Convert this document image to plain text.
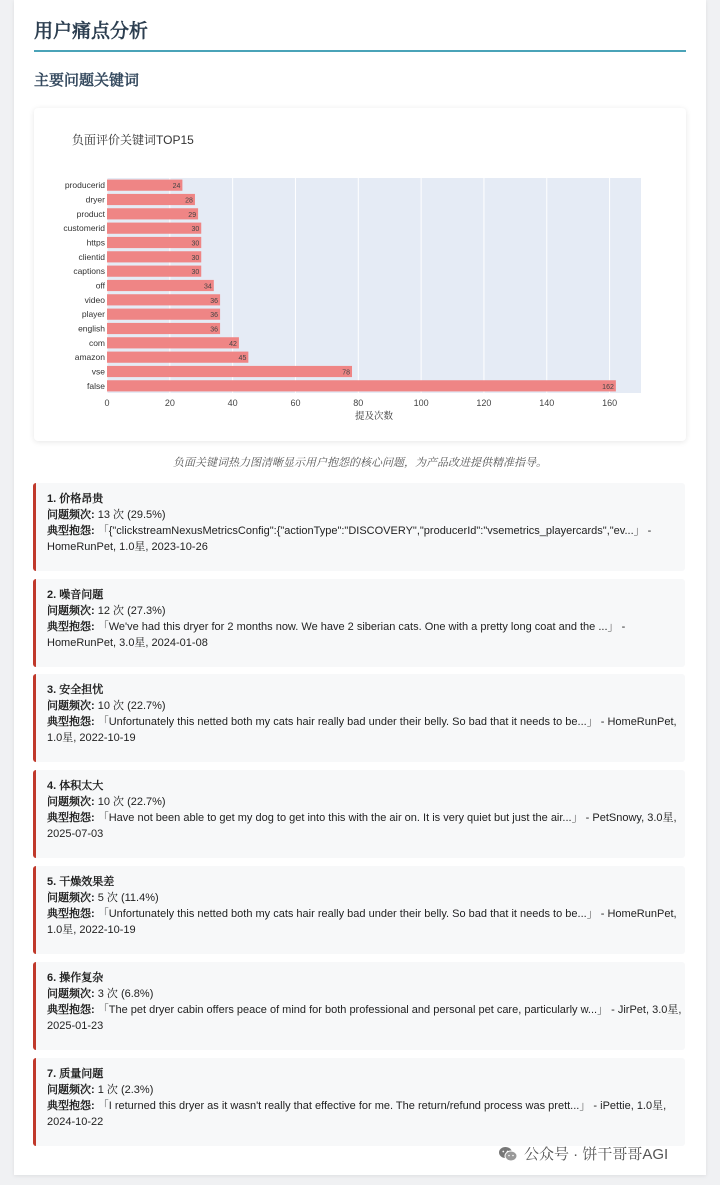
用户痛点分析
主要问题关键词
负面评价关键词TOP15
0	20	40	60	80	100	120	140	160
producerid	24
dryer	28
product	29
customerid	30
https	30
clientid	30
captions	30
off	34
video	36
player	36
english	36
com	42
amazon	45
vse	78
false	162
提及次数
负面关键词热力图清晰显示用户抱怨的核心问题，为产品改进提供精准指导。
1. 价格昂贵
问题频次: 13 次 (29.5%)
典型抱怨: 「{"clickstreamNexusMetricsConfig":{"actionType":"DISCOVERY","producerId":"vsemetrics_playercards","ev...」 -
HomeRunPet, 1.0星, 2023-10-26
2. 噪音问题
问题频次: 12 次 (27.3%)
典型抱怨: 「We've had this dryer for 2 months now. We have 2 siberian cats. One with a pretty long coat and the ...」 -
HomeRunPet, 3.0星, 2024-01-08
3. 安全担忧
问题频次: 10 次 (22.7%)
典型抱怨: 「Unfortunately this netted both my cats hair really bad under their belly. So bad that it needs to be...」 - HomeRunPet,
1.0星, 2022-10-19
4. 体积太大
问题频次: 10 次 (22.7%)
典型抱怨: 「Have not been able to get my dog to get into this with the air on. It is very quiet but just the air...」 - PetSnowy, 3.0星,
2025-07-03
5. 干燥效果差
问题频次: 5 次 (11.4%)
典型抱怨: 「Unfortunately this netted both my cats hair really bad under their belly. So bad that it needs to be...」 - HomeRunPet,
1.0星, 2022-10-19
6. 操作复杂
问题频次: 3 次 (6.8%)
典型抱怨: 「The pet dryer cabin offers peace of mind for both professional and personal pet care, particularly w...」 - JirPet, 3.0星,
2025-01-23
7. 质量问题
问题频次: 1 次 (2.3%)
典型抱怨: 「I returned this dryer as it wasn't really that effective for me. The return/refund process was prett...」 - iPettie, 1.0星,
2024-10-22
公众号 · 饼干哥哥AGI
